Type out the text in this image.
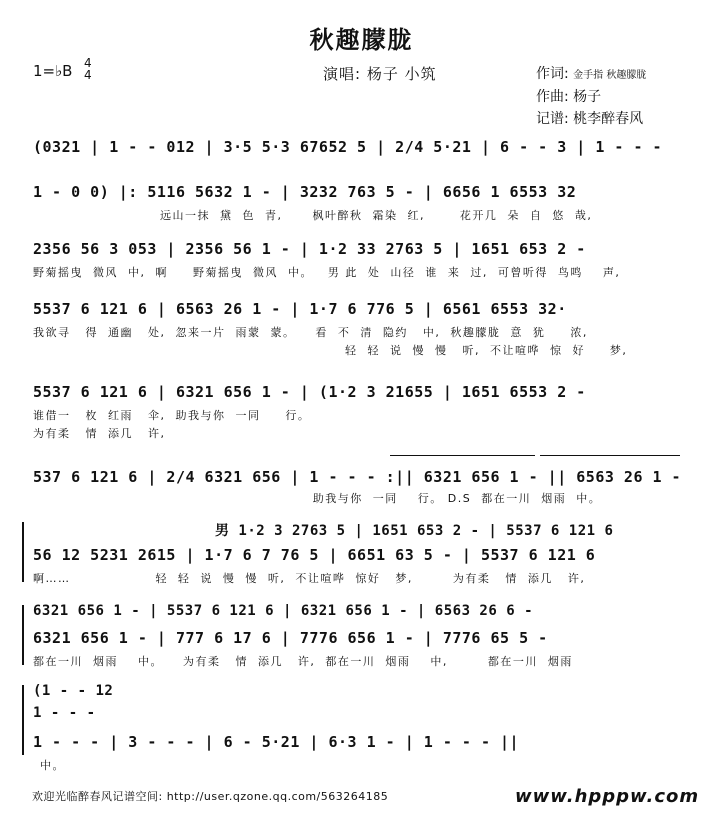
秋趣朦胧
1=♭B 4
4	演唱: 杨子 小筑	作词: 金手指 秋趣朦胧
作曲: 杨子
记谱: 桃李醉春风
(0321 | 1 - - 012 | 3·5 5·3 67652 5 | 2/4 5·21 | 6 - - 3 | 1 - - -
1 - 0 0) |: 5116 5632 1 - | 3232 763 5 - | 6656 1 6553 32
远山一抹  黛  色  青,      枫叶醉秋  霜染  红,       花开几  朵  自  悠  哉,
2356 56 3 053 | 2356 56 1 - | 1·2 33 2763 5 | 1651 653 2 -
野菊摇曳  微风  中,  啊     野菊摇曳  微风  中。   男 此  处  山径  谁  来  过,  可曾听得  鸟鸣    声,
5537 6 121 6 | 6563 26 1 - | 1·7 6 776 5 | 6561 6553 32·
我欲寻   得  通幽   处,  忽来一片  雨蒙  蒙。    看  不  清  隐约   中,  秋趣朦胧  意  犹     浓,
轻  轻  说  慢  慢   听,  不让喧哗  惊  好     梦,
5537 6 121 6 | 6321 656 1 - | (1·2 3 21655 | 1651 6553 2 -
谁借一   枚  红雨   伞,  助我与你  一同     行。
为有柔   情  添几   许,
537 6 121 6 | 2/4 6321 656 | 1 - - - :|| 6321 656 1 - || 6563 26 1 -
助我与你  一同    行。 D.S  都在一川  烟雨  中。
男 1·2 3 2763 5 | 1651 653 2 - | 5537 6 121 6
56 12 5231 2615 | 1·7 6 7 76 5 | 6651 63 5 - | 5537 6 121 6
啊……                 轻  轻  说  慢  慢  听,  不让喧哗  惊好   梦,        为有柔   情  添几   许,
6321 656 1 - | 5537 6 121 6 | 6321 656 1 - | 6563 26 6 -
6321 656 1 - | 777 6 17 6 | 7776 656 1 - | 7776 65 5 -
都在一川  烟雨    中。    为有柔   情  添几   许,  都在一川  烟雨    中,        都在一川  烟雨
(1 - - 12
1 - - -
1 - - - | 3 - - - | 6 - 5·21 | 6·3 1 - | 1 - - - ||
中。
欢迎光临醉春风记谱空间: http://user.qzone.qq.com/563264185	www.hpppw.com
